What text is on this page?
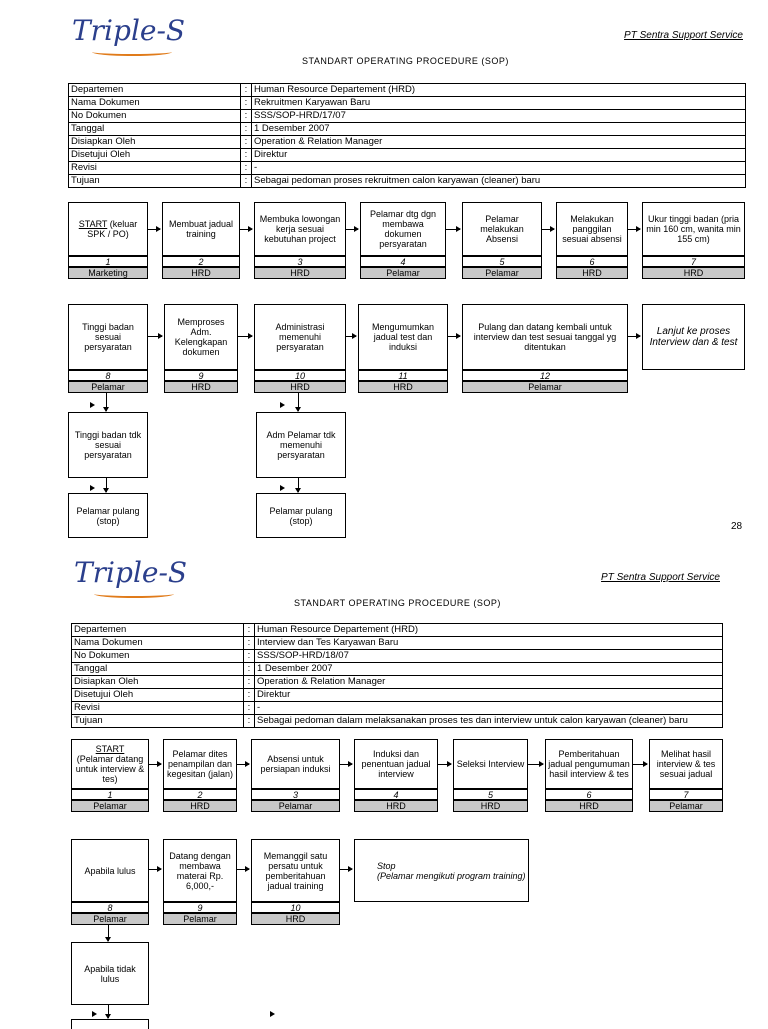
Triple-S	PT Sentra Support Service
STANDART OPERATING PROCEDURE (SOP)
Departemen	:	Human Resource Departement (HRD)
Nama Dokumen	:	Rekruitmen Karyawan Baru
No Dokumen	:	SSS/SOP-HRD/17/07
Tanggal	:	1 Desember 2007
Disiapkan Oleh	:	Operation & Relation Manager
Disetujui Oleh	:	Direktur
Revisi	:	-
Tujuan	:	Sebagai pedoman proses rekruitmen calon karyawan (cleaner) baru
START (keluar SPK / PO)
Membuat jadual training
Membuka lowongan kerja sesuai kebutuhan project
Pelamar dtg dgn membawa dokumen persyaratan
Pelamar melakukan Absensi
Melakukan panggilan sesuai absensi
Ukur tinggi badan (pria min 160 cm, wanita min 155 cm)
1
Marketing
2
HRD
3
HRD
4
Pelamar
5
Pelamar
6
HRD
7
HRD
Tinggi badan sesuai persyaratan
Memproses Adm. Kelengkapan dokumen
Administrasi memenuhi persyaratan
Mengumumkan jadual test dan induksi
Pulang dan datang kembali untuk interview dan test sesuai tanggal yg ditentukan
Lanjut ke proses Interview dan & test
8
Pelamar
9
HRD
10
HRD
11
HRD
12
Pelamar
Tinggi badan tdk sesuai persyaratan
Pelamar pulang (stop)
Adm Pelamar tdk memenuhi persyaratan
Pelamar pulang (stop)
28
Triple-S	PT Sentra Support Service
STANDART OPERATING PROCEDURE (SOP)
Departemen	:	Human Resource Departement (HRD)
Nama Dokumen	:	Interview dan Tes Karyawan Baru
No Dokumen	:	SSS/SOP-HRD/18/07
Tanggal	:	1 Desember 2007
Disiapkan Oleh	:	Operation & Relation Manager
Disetujui Oleh	:	Direktur
Revisi	:	-
Tujuan	:	Sebagai pedoman dalam melaksanakan proses tes dan interview untuk calon karyawan (cleaner) baru
START
(Pelamar datang untuk interview & tes)
Pelamar dites penampilan dan kegesitan (jalan)
Absensi untuk persiapan induksi
Induksi dan penentuan jadual interview
Seleksi Interview
Pemberitahuan jadual pengumuman hasil interview & tes
Melihat hasil interview & tes sesuai jadual
1
Pelamar
2
HRD
3
Pelamar
4
HRD
5
HRD
6
HRD
7
Pelamar
Apabila lulus
Datang dengan membawa materai Rp. 6,000,-
Memanggil satu persatu untuk pemberitahuan jadual training
Stop
(Pelamar mengikuti program training)
8
Pelamar
9
Pelamar
10
HRD
Apabila tidak lulus
